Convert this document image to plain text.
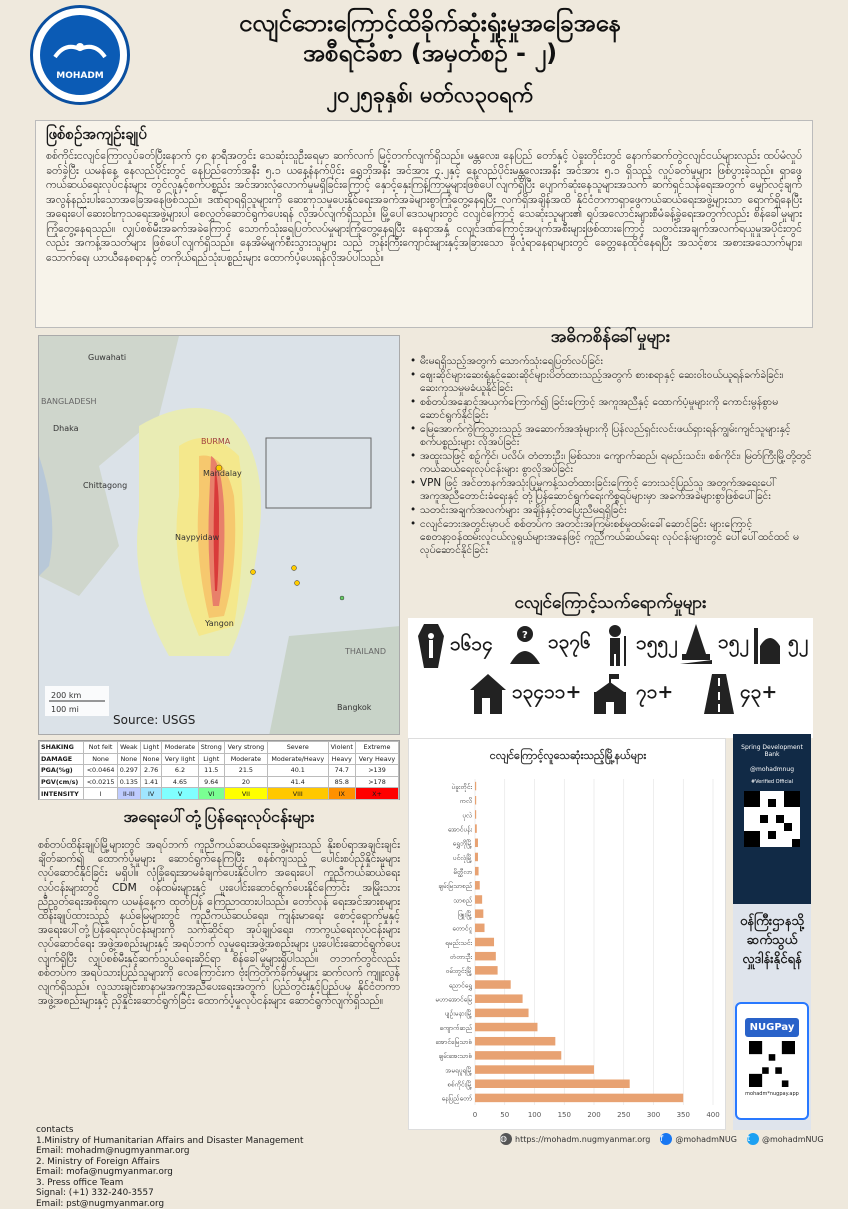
MOHADM
ငလျင်ဘေးကြောင့်ထိခိုက်ဆုံးရှုံးမှုအခြေအနေ
အစီရင်ခံစာ (အမှတ်စဉ် - ၂)
၂၀၂၅ခုနှစ်၊ မတ်လ၃၀ရက်
ဖြစ်စဉ်အကျဉ်းချုပ်

စစ်ကိုင်းငလျင်ကြောလှုပ်ခတ်ပြီးနောက် ၄၈ နာရီအတွင်း သေဆုံးသူဦးရေမှာ ဆက်လက် မြင့်တက်လျက်ရှိသည်။ မန္တလေး၊ နေပြည် တော်နှင့် ပဲခူးတိုင်းတွင် နောက်ဆက်တွဲငလျင်ငယ်များလည်း ထပ်မံလှုပ်ခတ်ခဲ့ပြီး ယမန်နေ့ နေလည်ပိုင်းတွင် နေပြည်တော်အနီး ၅.၁ ယနေ့နံနက်ပိုင်း ရွှေဘိုအနီး အင်အား ၄.၂နှင့် နေ့လည်ပိုင်းမန္တလေးအနီး အင်အား ၅.၁ ရှိသည့် လှုပ်ခတ်မှုများ ဖြစ်ပွားခဲ့သည်။ ရှာဖွေကယ်ဆယ်ရေးလုပ်ငန်းများ တွင်လူနှင့်စက်ပစ္စည်း အင်အားလုံလောက်မှုမရှိခြင်းကြောင့် နှောင့်နှေးကြန့်ကြာမှုများဖြစ်ပေါ်လျက်ရှိပြီး ပျောက်ဆုံးနေသူများအသက် ဆက်ရှင်သန်ရေးအတွက် မျှော်လင့်ချက် အလွန်နည်းပါးသောအခြေအနေဖြစ်သည်။ ဒဏ်ရာရရှိသူများကို ဆေးကုသမှုပေးနိုင်ရေးအခက်အခဲများစွာကြုံတွေ့နေရပြီး လက်ရှိအချိန်အထိ နိုင်ငံတကာရှာဖွေကယ်ဆယ်ရေးအဖွဲ့များသာ ရောက်ရှိနေပြီး အရေးပေါ်ဆေးဝါးကုသရေးအဖွဲ့များပါ စေလွှတ်ဆောင်ရွက်ပေးရန် လိုအပ်လျက်ရှိသည်။ မြို့ပေါ်ဒေသများတွင် ငလျင်ကြောင့် သေဆုံးသူများ၏ ရုပ်အလောင်းများစီမံခန့်ခွဲရေးအတွက်လည်း စိန်ခေါ်မှုများကြုံတွေ့နေရသည်။ လျှပ်စစ်မီးအခက်အခဲကြောင့် သောက်သုံးရေပြတ်လပ်မှုများကြုံတွေ့နေရပြီး နေရာအနှံ့ ငလျင်ဒဏ်ကြောင့်အပျက်အစီးများဖြစ်ထားကြောင့် သတင်းအချက်အလက်ရယူမှုအပိုင်းတွင်လည်း အကန့်အသတ်များ ဖြစ်ပေါ်လျက်ရှိသည်။ နေအိမ်မျက်စီးသွားသူများ သည် ဘုန်းကြီးကျောင်းများနှင့်အခြားသော ခိုလှုံရာနေရာများတွင် ခေတ္တနေထိုင်နေရပြီး အသင့်စား အစားအသောက်များ၊ သောက်ရေ၊ ယာယီနေစရာနှင့် တကိုယ်ရည်သုံးပစ္စည်းများ ထောက်ပံ့ပေးရန်လိုအပ်ပါသည်။

Guwahati
BANGLADESH
Dhaka
Chittagong
BURMA
Mandalay
Naypyidaw
Yangon
THAILAND
Bangkok
200 km
100 mi
Source: USGS
SHAKING	Not felt	Weak	Light	Moderate	Strong	Very strong	Severe	Violent	Extreme
DAMAGE	None	None	None	Very light	Light	Moderate	Moderate/Heavy	Heavy	Very Heavy
PGA(%g)	<0.0464	0.297	2.76	6.2	11.5	21.5	40.1	74.7	>139
PGV(cm/s)	<0.0215	0.135	1.41	4.65	9.64	20	41.4	85.8	>178
INTENSITY	I	II-III	IV	V	VI	VII	VIII	IX	X+
အဓိကစိန်ခေါ်မှုများ
• မီးမရရှိသည့်အတွက် သောက်သုံးရေပြတ်လပ်ခြင်း
• ဈေးဆိုင်များဆေးရုံနှင့်ဆေးဆိုင်များပိတ်ထားသည့်အတွက် စားစရာနှင့် ဆေးဝါးဝယ်ယူရန်ခက်ခဲခြင်း၊ ဆေးကုသမှုမခံယူနိုင်ခြင်း
• စစ်တပ်အနှောင့်အယှက်ကြောက်၍ ခြင်းကြောင့် အကူအညီနှင့် ထောက်ပံ့မှုများကို ကောင်းမွန်စွာမဆောင်ရွက်နိုင်ခြင်း
• မြေအောက်ကွဲကြသွားသည့် အဆောက်အအုံများကို ပြန်လည်ရှင်းလင်းဖယ်ရှားရန်ကျွမ်းကျင်သူများနှင့် စက်ပစ္စည်းများ လိုအပ်ခြင်း
• အထူးသဖြင့် စဉ့်ကိုင်၊ ပလိပ်၊ တံတားဦး၊ မြစ်သား၊ ကျောက်ဆည်၊ ရမည်းသင်း၊ စစ်ကိုင်း၊ မြတ်ကြီးမြို့တို့တွင် ကယ်ဆယ်ရေးလုပ်ငန်းများ စွာလိုအပ်ခြင်း
• VPN ဖြင့် အင်တာနက်အသုံးပြုမှုကန့်သတ်ထားခြင်းကြောင့် ဘေးသင့်ပြည်သူ အတွက်အရေးပေါ်အကူအညီတောင်းခံရေးနှင့် တုံ့ပြန်ဆောင်ရွက်ရေးကိစ္စရပ်များမှာ အခက်အခဲများစွာဖြစ်ပေါ်ခြင်း
• သတင်းအချက်အလက်များ အချိန်နှင့်တပြေးညီမရရှိခြင်း
• ငလျင်ဘေးအတွင်းမှာပင် စစ်တပ်က အတင်းအကြမ်းစစ်မှုထမ်းခေါ်ဆောင်ခြင်း များကြောင့် စေတနာ့ဝန်ထမ်းလူငယ်လူရွယ်များအနေဖြင့် ကူညီကယ်ဆယ်ရေး လုပ်ငန်းများတွင် ပေါ်ပေါ်ထင်ထင် မလုပ်ဆောင်နိုင်ခြင်း
ငလျင်ကြောင့်သက်ရောက်မှုများ
၁၆၁၄	? ၁၃၇၆ ၁၅၅၂ ၁၅၂ ၅၂
၁၃၄၁၁+	၇၁+	၄၃+
အရေးပေါ်တုံ့ပြန်ရေးလုပ်ငန်းများ

စစ်တပ်ထိန်းချုပ်မြို့များတွင် အရပ်ဘက် ကူညီကယ်ဆယ်ရေးအဖွဲ့များသည် နိုးစပ်ရာအချင်းချင်း ချိတ်ဆက်၍ ထောက်ပံ့မှုများ ဆောင်ရွက်နေကြပြီး စနစ်ကျသည့် ပေါင်းစပ်ညှိနှိုင်းမှုများ လုပ်ဆောင်နိုင်ခြင်း မရှိပါ။ လုံခြုံရေးအာမခံချက်ပေးနိုင်ပါက အရေးပေါ် ကူညီကယ်ဆယ်ရေး လုပ်ငန်းများတွင် CDM ဝန်ထမ်းများနှင့် ပူးပေါင်းဆောင်ရွက်ပေးနိုင်ကြောင်း အမြိုးသား ညီညွတ်ရေးအစိုးရက ယမန်နေ့က ထုတ်ပြန် ကြေညာထားပါသည်။ တော်လှန် ရေးအင်အားစုများ ထိန်းချုပ်ထားသည့် နယ်မြေများတွင် ကူညီကယ်ဆယ်ရေး၊ ကျန်းမာရေး စောင့်ရှောက်မှုနှင့် အရေးပေါ်တုံ့ပြန်ရေးလုပ်ငန်းများကို သက်ဆိုင်ရာ အုပ်ချုပ်ရေး၊ ကာကွယ်ရေးလုပ်ငန်းများ လုပ်ဆောင်ရေး အဖွဲ့အစည်းများနှင့် အရပ်ဘက် လူမှုရေးအဖွဲ့အစည်းများ ပူးပေါင်းဆောင်ရွက်ပေးလျက်ရှိပြီး လျှပ်စစ်မီးနှင့်ဆက်သွယ်ရေးဆိုင်ရာ စိန်ခေါ်မှုများရှိပါသည်။ တဘက်တွင်လည်း စစ်တပ်က အရပ်သားပြည်သူများကို လေကြောင်းက ဗုံးကြဲတိုက်ခိုက်မှုများ ဆက်လက် ကျူးလွန်လျက်ရှိသည်။ လူသားချင်းစာနာမှုအကူအညီပေးရေးအတွက် ပြည်တွင်းနှင့်ပြည်ပမှ နိုင်ငံတကာ အဖွဲ့အစည်းများနှင့် ညှိနှိုင်းဆောင်ရွက်ခြင်း ထောက်ပံ့မှုလုပ်ငန်းများ ဆောင်ရွက်လျက်ရှိသည်။

ငလျင်ကြောင့်လူသေဆုံးသည့်မြို့နယ်များ
ပဲခူးတိုင်း
ကလိ
ပုလဲ
အောင်ပန်း
ရွှေဘိုမြို့
ပင်လုံမြို့
မိတ္ထီလာ
ချမ်းမြသာစည်
သာစည်
ဖြူးမြို့
တောင်ငူ
ရမည်းသင်း
တံတားဦး
ဝမ်းတွင်းမြို့
ညောင်ရွှေ
မဟာအောင်မြေ
ပျဉ်းမနားမြို့
ကျောက်ဆည်
အောင်မြေသာစံ
ချမ်းအေးသာစံ
အမရပူရမြို့
စစ်ကိုင်းမြို့
နေပြည်တော်
0	50	100 150 200 250 300 350 400
Spring Development Bank
@mohadmnug
#Verified Official
ဝန်ကြီးဌာနသို့ ဆက်သွယ် လှူဒါန်းနိုင်ရန်
NUGPay
mohadm*nugpay.app
contacts
1.Ministry of Humanitarian Affairs and Disaster Management
Email: mohadm@nugmyanmar.org
2. Ministry of Foreign Affairs
Email: mofa@nugmyanmar.org
3. Press office Team
Signal: (+1) 332-240-3557
Email: pst@nugmyanmar.org
◍	https://mohadm.nugmyanmar.org f	@mohadmNUG t	@mohadmNUG
